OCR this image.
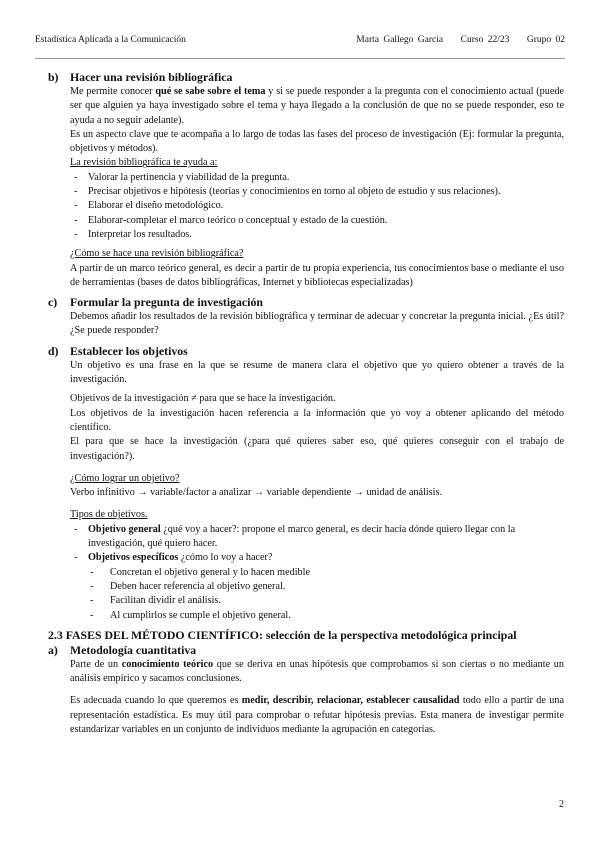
Estadística Aplicada a la Comunicación	Marta Gallego García Curso 22/23 Grupo 02
b) Hacer una revisión bibliográfica

Me permite conocer qué se sabe sobre el tema y si se puede responder a la pregunta con el conocimiento actual (puede ser que alguien ya haya investigado sobre el tema y haya llegado a la conclusión de que no se puede responder, eso te ayuda a no seguir adelante).

Es un aspecto clave que te acompaña a lo largo de todas las fases del proceso de investigación (Ej: formular la pregunta, objetivos y métodos).

La revisión bibliográfica te ayuda a:

- Valorar la pertinencia y viabilidad de la pregunta.
- Precisar objetivos e hipótesis (teorías y conocimientos en torno al objeto de estudio y sus relaciones).
- Elaborar el diseño metodológico.
- Elaborar-completar el marco teórico o conceptual y estado de la cuestión.
- Interpretar los resultados.

¿Cómo se hace una revisión bibliográfica?

A partir de un marco teórico general, es decir a partir de tu propia experiencia, tus conocimientos base o mediante el uso de herramientas (bases de datos bibliográficas, Internet y bibliotecas especializadas)

c) Formular la pregunta de investigación

Debemos añadir los resultados de la revisión bibliográfica y terminar de adecuar y concretar la pregunta inicial. ¿Es útil? ¿Se puede responder?

d) Establecer los objetivos

Un objetivo es una frase en la que se resume de manera clara el objetivo que yo quiero obtener a través de la investigación.

Objetivos de la investigación ≠ para que se hace la investigación.

Los objetivos de la investigación hacen referencia a la información que yo voy a obtener aplicando del método científico.

El para que se hace la investigación (¿para qué quieres saber eso, qué quieres conseguir con el trabajo de investigación?).

¿Cómo lograr un objetivo?

Verbo infinitivo → variable/factor a analizar → variable dependiente → unidad de análisis.

Tipos de objetivos.

- Objetivo general ¿qué voy a hacer?: propone el marco general, es decir hacia dónde quiero llegar con la investigación, qué quiero hacer.
- Objetivos específicos ¿cómo lo voy a hacer?
- Concretan el objetivo general y lo hacen medible
- Deben hacer referencia al objetivo general.
- Facilitan dividir el análisis.
- Al cumplirlos se cumple el objetivo general.
2.3 FASES DEL MÉTODO CIENTÍFICO: selección de la perspectiva metodológica principal
a) Metodología cuantitativa

Parte de un conocimiento teórico que se deriva en unas hipótesis que comprobamos si son ciertas o no mediante un análisis empírico y sacamos conclusiones.

Es adecuada cuando lo que queremos es medir, describir, relacionar, establecer causalidad todo ello a partir de una representación estadística. Es muy útil para comprobar o refutar hipótesis previas. Esta manera de investigar permite estandarizar variables en un conjunto de individuos mediante la agrupación en categorías.

2
